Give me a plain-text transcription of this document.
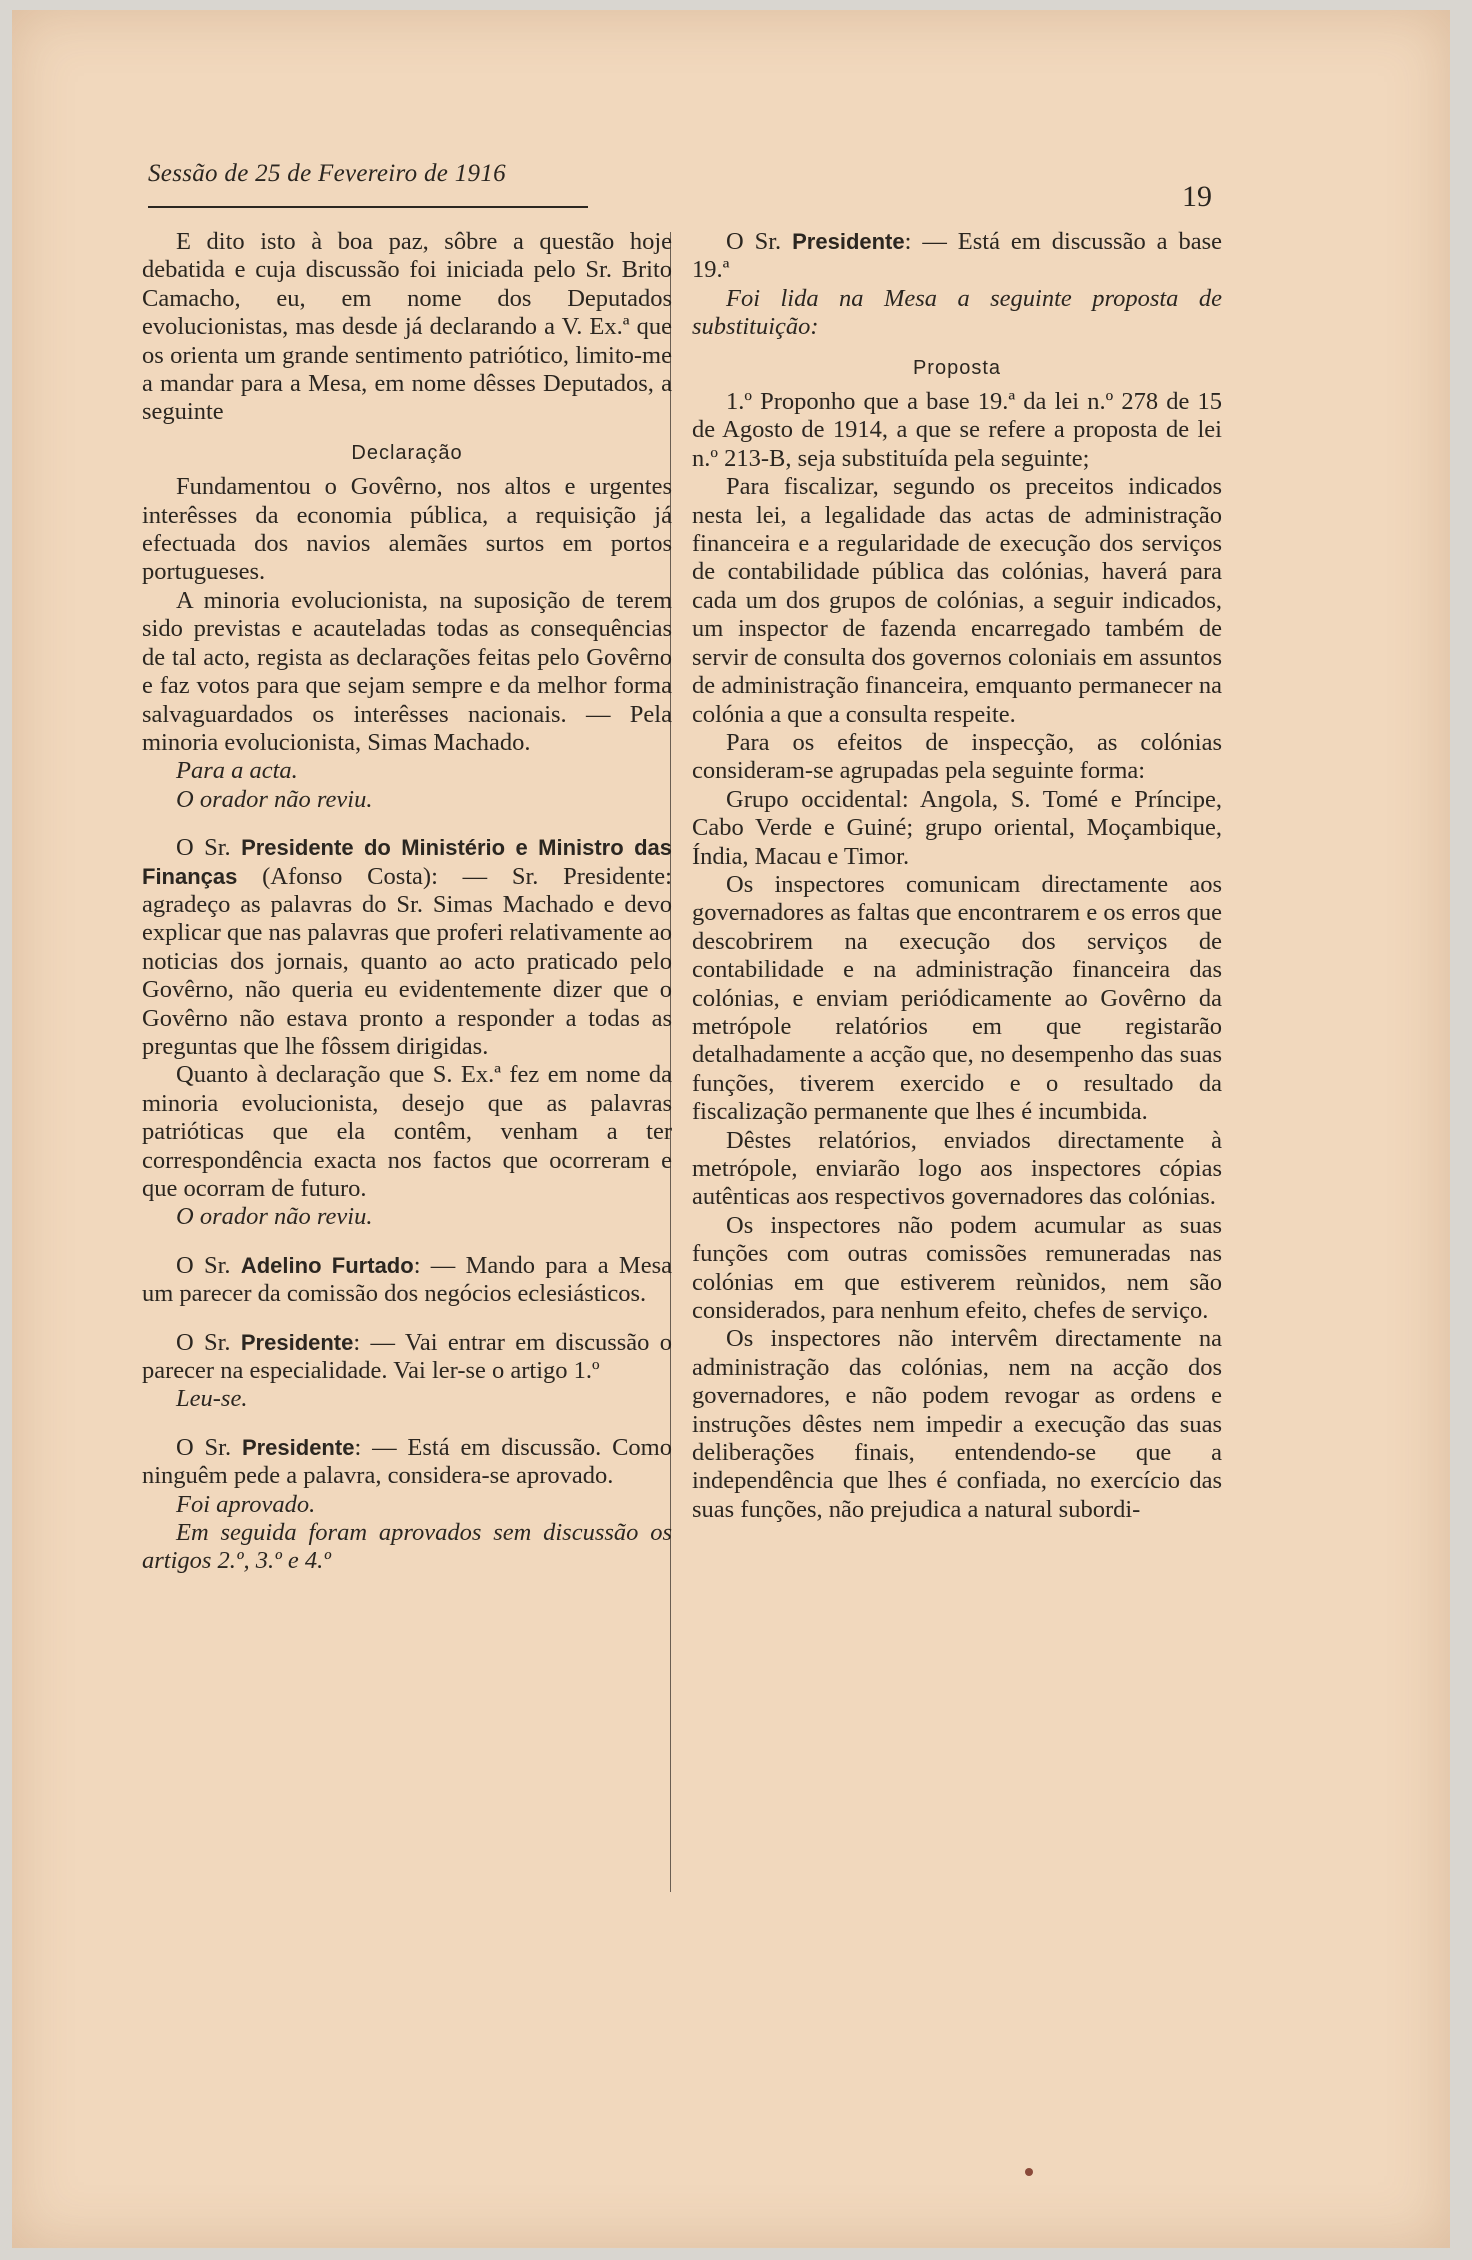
Sessão de 25 de Fevereiro de 1916
19

E dito isto à boa paz, sôbre a questão hoje debatida e cuja discussão foi iniciada pelo Sr. Brito Camacho, eu, em nome dos Deputados evolucionistas, mas desde já declarando a V. Ex.ª que os orienta um grande sentimento patriótico, limito-me a mandar para a Mesa, em nome dêsses Deputados, a seguinte

Declaração

Fundamentou o Govêrno, nos altos e urgentes interêsses da economia pública, a requisição já efectuada dos navios alemães surtos em portos portugueses.

A minoria evolucionista, na suposição de terem sido previstas e acauteladas todas as consequências de tal acto, regista as declarações feitas pelo Govêrno e faz votos para que sejam sempre e da melhor forma salvaguardados os interêsses nacionais. — Pela minoria evolucionista, Simas Machado.

Para a acta.

O orador não reviu.

O Sr. Presidente do Ministério e Ministro das Finanças (Afonso Costa): — Sr. Presidente: agradeço as palavras do Sr. Simas Machado e devo explicar que nas palavras que proferi relativamente ao noticias dos jornais, quanto ao acto praticado pelo Govêrno, não queria eu evidentemente dizer que o Govêrno não estava pronto a responder a todas as preguntas que lhe fôssem dirigidas.

Quanto à declaração que S. Ex.ª fez em nome da minoria evolucionista, desejo que as palavras patrióticas que ela contêm, venham a ter correspondência exacta nos factos que ocorreram e que ocorram de futuro.

O orador não reviu.

O Sr. Adelino Furtado: — Mando para a Mesa um parecer da comissão dos negócios eclesiásticos.

O Sr. Presidente: — Vai entrar em discussão o parecer na especialidade. Vai ler-se o artigo 1.º

Leu-se.

O Sr. Presidente: — Está em discussão. Como ninguêm pede a palavra, considera-se aprovado.

Foi aprovado.

Em seguida foram aprovados sem discussão os artigos 2.º, 3.º e 4.º

O Sr. Presidente: — Está em discussão a base 19.ª

Foi lida na Mesa a seguinte proposta de substituição:

Proposta

1.º Proponho que a base 19.ª da lei n.º 278 de 15 de Agosto de 1914, a que se refere a proposta de lei n.º 213-B, seja substituída pela seguinte;

Para fiscalizar, segundo os preceitos indicados nesta lei, a legalidade das actas de administração financeira e a regularidade de execução dos serviços de contabilidade pública das colónias, haverá para cada um dos grupos de colónias, a seguir indicados, um inspector de fazenda encarregado também de servir de consulta dos governos coloniais em assuntos de administração financeira, emquanto permanecer na colónia a que a consulta respeite.

Para os efeitos de inspecção, as colónias consideram-se agrupadas pela seguinte forma:

Grupo occidental: Angola, S. Tomé e Príncipe, Cabo Verde e Guiné; grupo oriental, Moçambique, Índia, Macau e Timor.

Os inspectores comunicam directamente aos governadores as faltas que encontrarem e os erros que descobrirem na execução dos serviços de contabilidade e na administração financeira das colónias, e enviam periódicamente ao Govêrno da metrópole relatórios em que registarão detalhadamente a acção que, no desempenho das suas funções, tiverem exercido e o resultado da fiscalização permanente que lhes é incumbida.

Dêstes relatórios, enviados directamente à metrópole, enviarão logo aos inspectores cópias autênticas aos respectivos governadores das colónias.

Os inspectores não podem acumular as suas funções com outras comissões remuneradas nas colónias em que estiverem reùnidos, nem são considerados, para nenhum efeito, chefes de serviço.

Os inspectores não intervêm directamente na administração das colónias, nem na acção dos governadores, e não podem revogar as ordens e instruções dêstes nem impedir a execução das suas deliberações finais, entendendo-se que a independência que lhes é confiada, no exercício das suas funções, não prejudica a natural subordi-
